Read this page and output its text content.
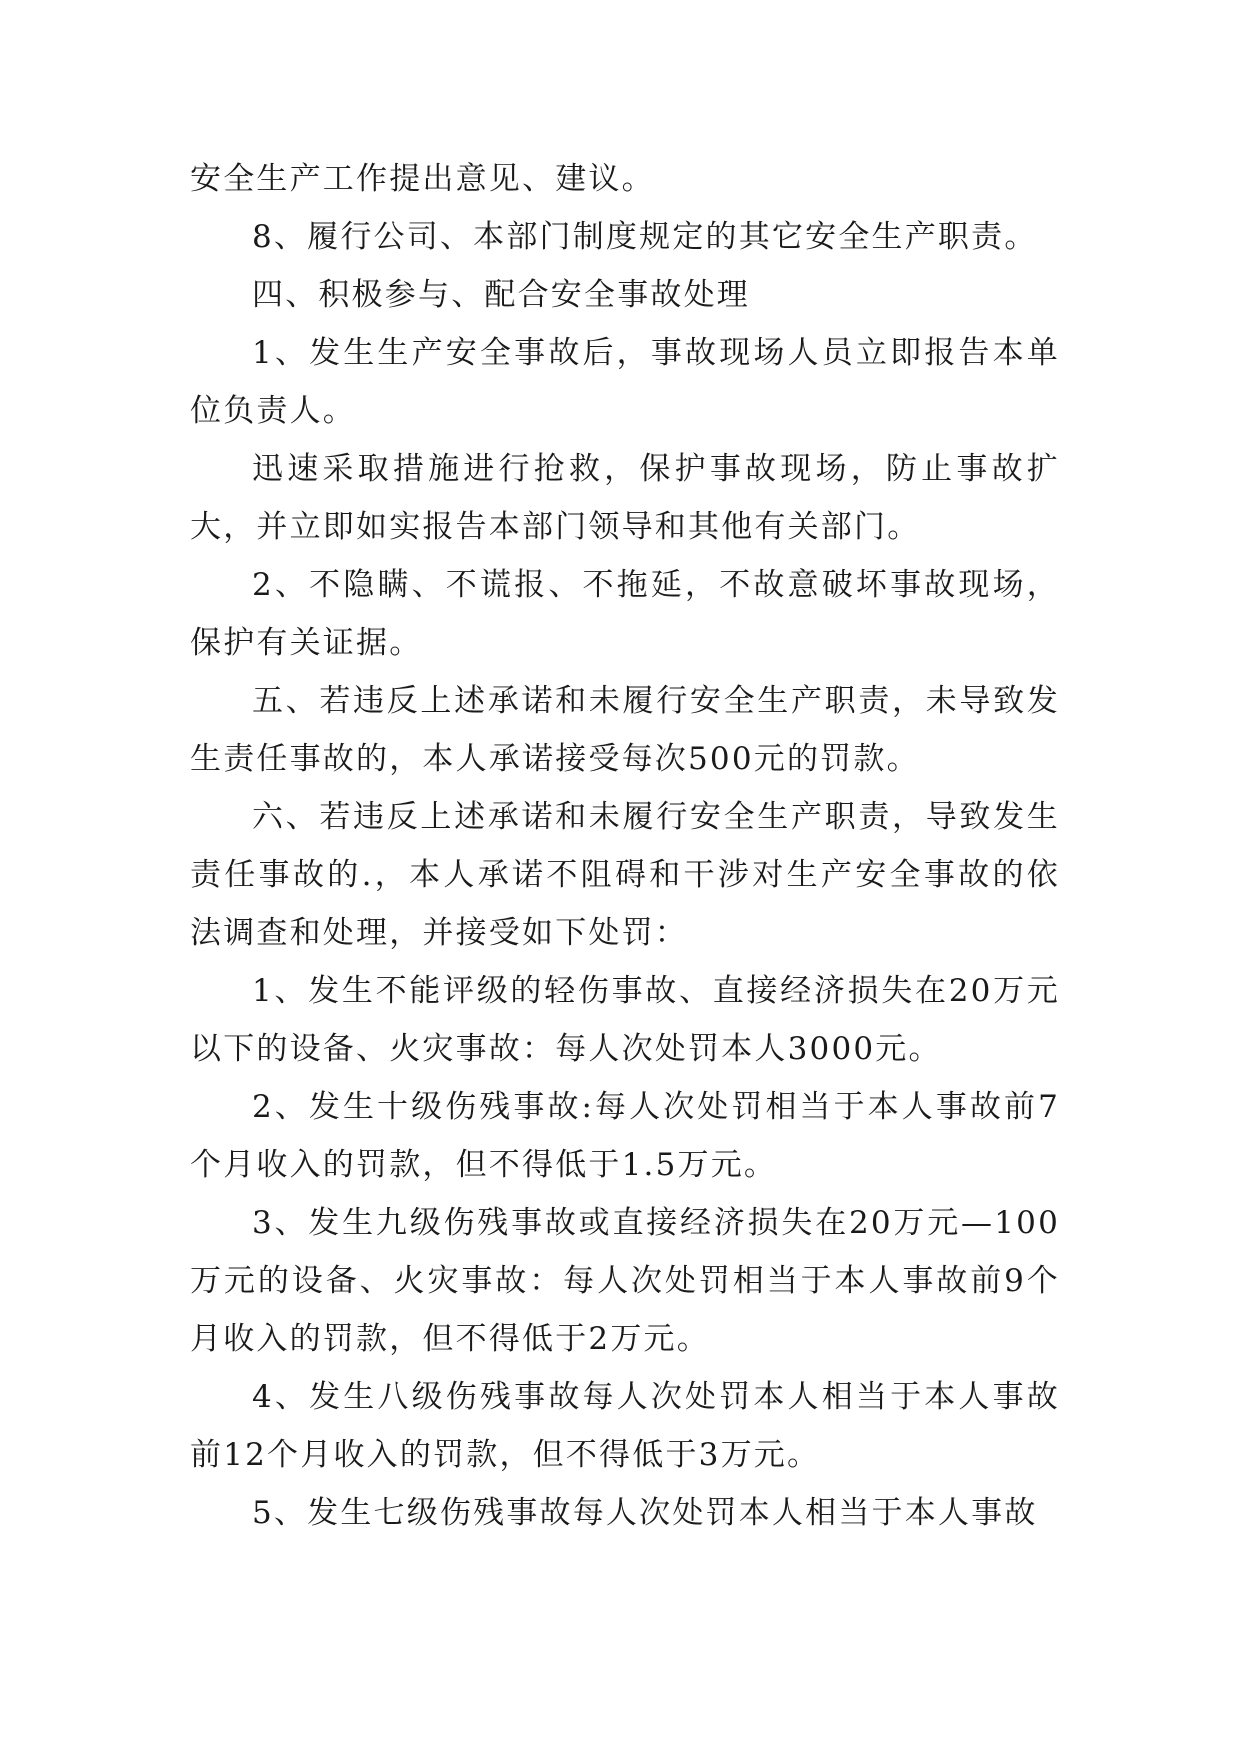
安全生产工作提出意见、建议。

8、履行公司、本部门制度规定的其它安全生产职责。

四、积极参与、配合安全事故处理

1、发生生产安全事故后，事故现场人员立即报告本单位负责人。

迅速采取措施进行抢救，保护事故现场，防止事故扩大，并立即如实报告本部门领导和其他有关部门。

2、不隐瞒、不谎报、不拖延，不故意破坏事故现场，保护有关证据。

五、若违反上述承诺和未履行安全生产职责，未导致发生责任事故的，本人承诺接受每次500元的罚款。

六、若违反上述承诺和未履行安全生产职责，导致发生责任事故的.，本人承诺不阻碍和干涉对生产安全事故的依法调查和处理，并接受如下处罚：

1、发生不能评级的轻伤事故、直接经济损失在20万元以下的设备、火灾事故：每人次处罚本人3000元。

2、发生十级伤残事故:每人次处罚相当于本人事故前7个月收入的罚款，但不得低于1.5万元。

3、发生九级伤残事故或直接经济损失在20万元—100万元的设备、火灾事故：每人次处罚相当于本人事故前9个月收入的罚款，但不得低于2万元。

4、发生八级伤残事故每人次处罚本人相当于本人事故前12个月收入的罚款，但不得低于3万元。

5、发生七级伤残事故每人次处罚本人相当于本人事故
